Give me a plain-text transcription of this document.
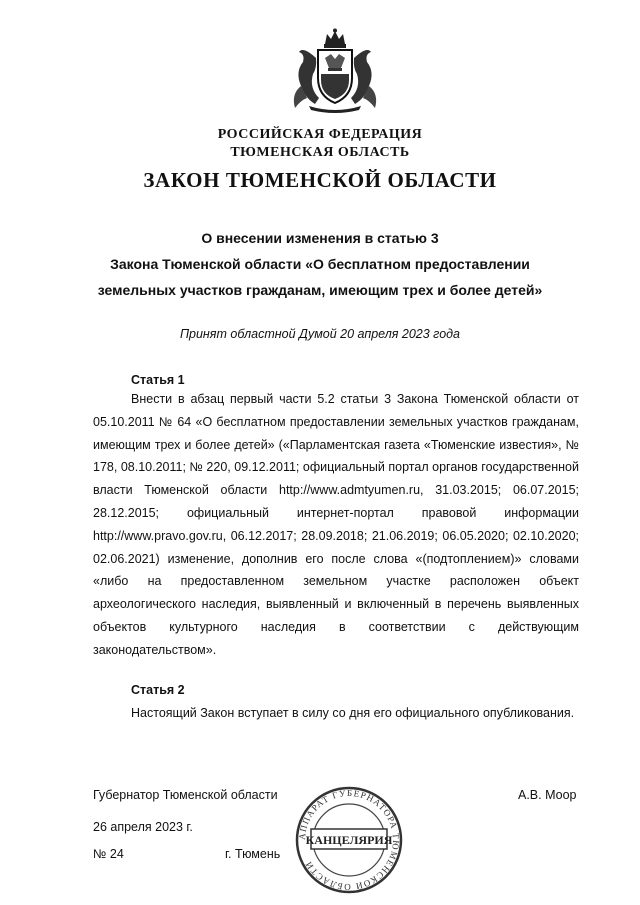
РОССИЙСКАЯ ФЕДЕРАЦИЯ
ТЮМЕНСКАЯ ОБЛАСТЬ
ЗАКОН ТЮМЕНСКОЙ ОБЛАСТИ
О внесении изменения в статью 3
Закона Тюменской области «О бесплатном предоставлении
земельных участков гражданам, имеющим трех и более детей»
Принят областной Думой 20 апреля 2023 года
Статья 1
Внести в абзац первый части 5.2 статьи 3 Закона Тюменской области от 05.10.2011 № 64 «О бесплатном предоставлении земельных участков гражданам, имеющим трех и более детей» («Парламентская газета «Тюменские известия», № 178, 08.10.2011; № 220, 09.12.2011; официальный портал органов государственной власти Тюменской области http://www.admtyumen.ru, 31.03.2015; 06.07.2015; 28.12.2015; официальный интернет-портал правовой информации http://www.pravo.gov.ru, 06.12.2017; 28.09.2018; 21.06.2019; 06.05.2020; 02.10.2020; 02.06.2021) изменение, дополнив его после слова «(подтоплением)» словами «либо на предоставленном земельном участке расположен объект археологического наследия, выявленный и включенный в перечень выявленных объектов культурного наследия в соответствии с действующим законодательством».
Статья 2
Настоящий Закон вступает в силу со дня его официального опубликования.
Губернатор Тюменской области	А.В. Моор
26 апреля 2023 г.
№ 24	г. Тюмень
АППАРАТ ГУБЕРНАТОРА ТЮМЕНСКОЙ ОБЛАСТИ
КАНЦЕЛЯРИЯ
